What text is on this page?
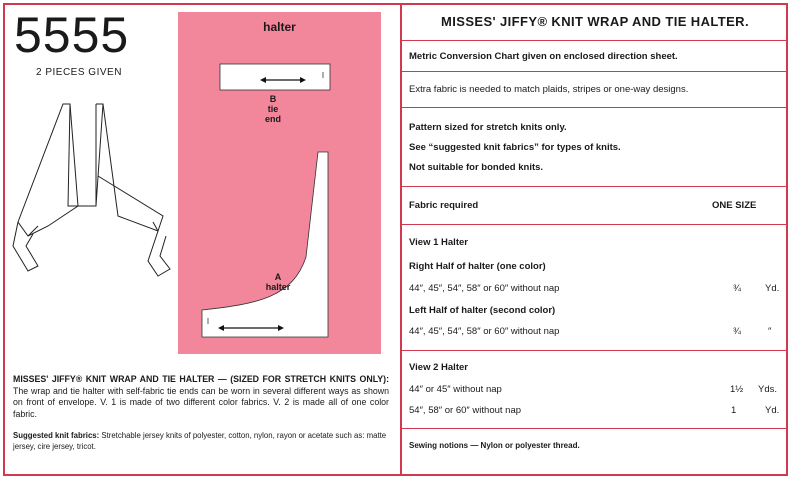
5555
2 PIECES GIVEN
halter
B
tie
end
A
halter
MISSES' JIFFY® KNIT WRAP AND TIE HALTER — (SIZED FOR STRETCH KNITS ONLY): The wrap and tie halter with self-fabric tie ends can be worn in several different ways as shown on front of envelope. V. 1 is made of two different color fabrics. V. 2 is made all of one color fabric.
Suggested knit fabrics: Stretchable jersey knits of polyester, cotton, nylon, rayon or acetate such as: matte jersey, cire jersey, tricot.
MISSES' JIFFY® KNIT WRAP AND TIE HALTER.
Metric Conversion Chart given on enclosed direction sheet.
Extra fabric is needed to match plaids, stripes or one-way designs.
Pattern sized for stretch knits only.
See “suggested knit fabrics” for types of knits.
Not suitable for bonded knits.
Fabric required	ONE SIZE
View 1 Halter
Right Half of halter (one color)
44″, 45″, 54″, 58″ or 60″ without nap	¾	Yd.
Left Half of halter (second color)
44″, 45″, 54″, 58″ or 60″ without nap	¾	″
View 2 Halter
44″ or 45″ without nap	1½ Yds.
54″, 58″ or 60″ without nap	1	Yd.
Sewing notions — Nylon or polyester thread.
